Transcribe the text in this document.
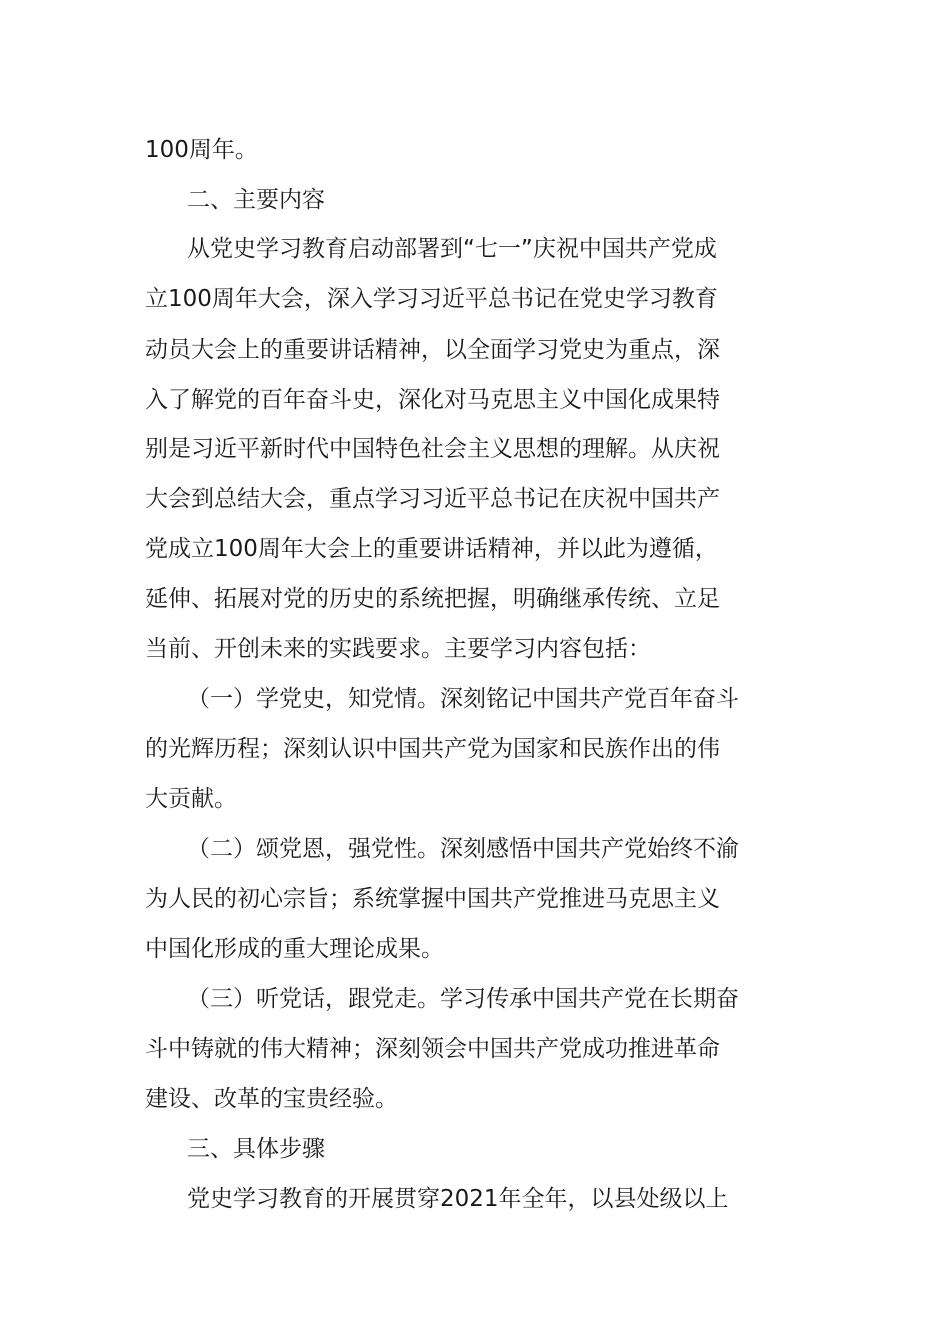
100周年。
二、主要内容
从党史学习教育启动部署到“七一”庆祝中国共产党成
立100周年大会，深入学习习近平总书记在党史学习教育
动员大会上的重要讲话精神，以全面学习党史为重点，深
入了解党的百年奋斗史，深化对马克思主义中国化成果特
别是习近平新时代中国特色社会主义思想的理解。从庆祝
大会到总结大会，重点学习习近平总书记在庆祝中国共产
党成立100周年大会上的重要讲话精神，并以此为遵循，
延伸、拓展对党的历史的系统把握，明确继承传统、立足
当前、开创未来的实践要求。主要学习内容包括：
（一）学党史，知党情。深刻铭记中国共产党百年奋斗
的光辉历程；深刻认识中国共产党为国家和民族作出的伟
大贡献。
（二）颂党恩，强党性。深刻感悟中国共产党始终不渝
为人民的初心宗旨；系统掌握中国共产党推进马克思主义
中国化形成的重大理论成果。
（三）听党话，跟党走。学习传承中国共产党在长期奋
斗中铸就的伟大精神；深刻领会中国共产党成功推进革命
建设、改革的宝贵经验。
三、具体步骤
党史学习教育的开展贯穿2021年全年，以县处级以上
